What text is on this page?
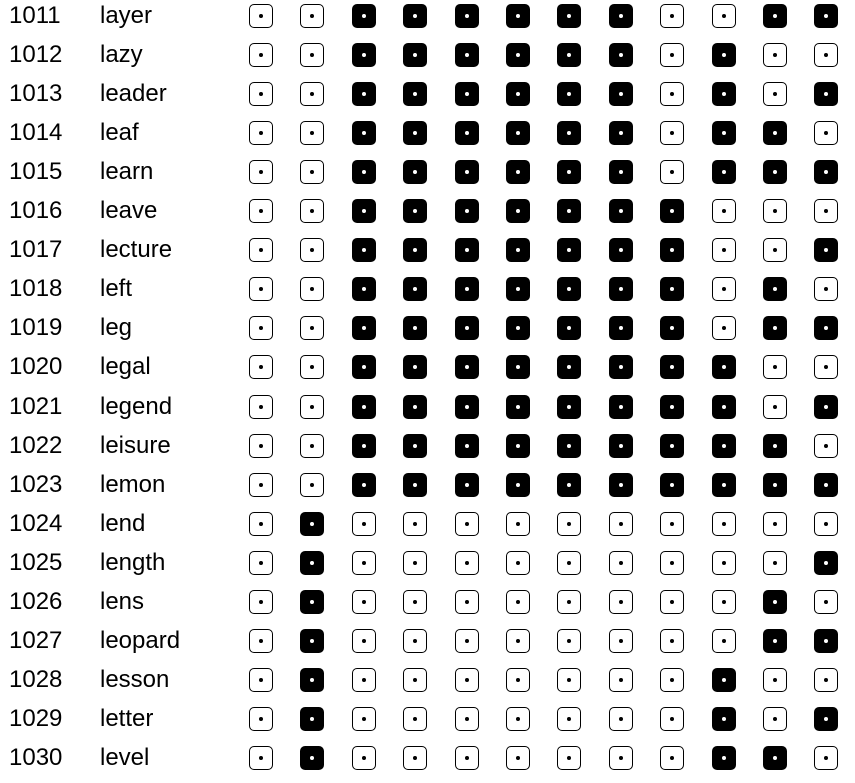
1011 layer
1012 lazy
1013 leader
1014 leaf
1015 learn
1016 leave
1017 lecture
1018 left
1019 leg
1020 legal
1021 legend
1022 leisure
1023 lemon
1024 lend
1025 length
1026 lens
1027 leopard
1028 lesson
1029 letter
1030 level
